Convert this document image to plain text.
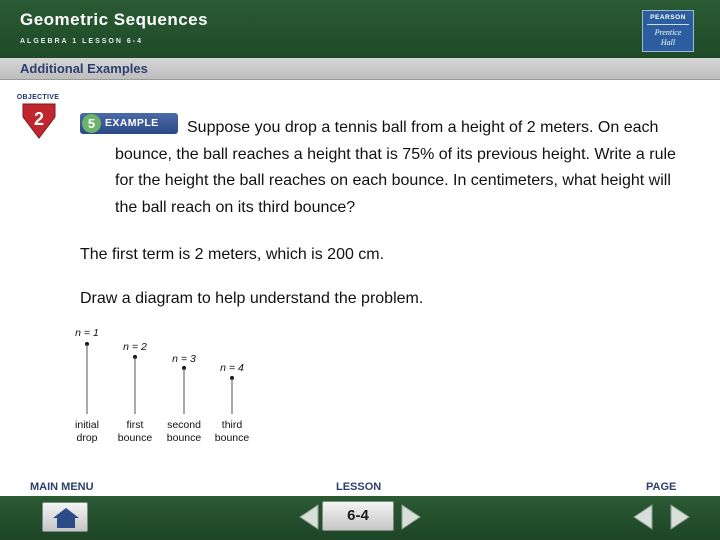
Geometric Sequences
ALGEBRA 1 LESSON 6-4
PEARSON
Prentice
Hall
Additional Examples
OBJECTIVE
2	5 EXAMPLE	Suppose you drop a tennis ball from a height of 2 meters. On each bounce, the ball reaches a height that is 75% of its previous height. Write a rule for the height the ball reaches on each bounce. In centimeters, what height will the ball reach on its third bounce?
The first term is 2 meters, which is 200 cm.
Draw a diagram to help understand the problem.
n = 1
n = 2
n = 3
n = 4
initial
drop
first
bounce
second
bounce
third
bounce
MAIN MENU	LESSON	PAGE
6-4
